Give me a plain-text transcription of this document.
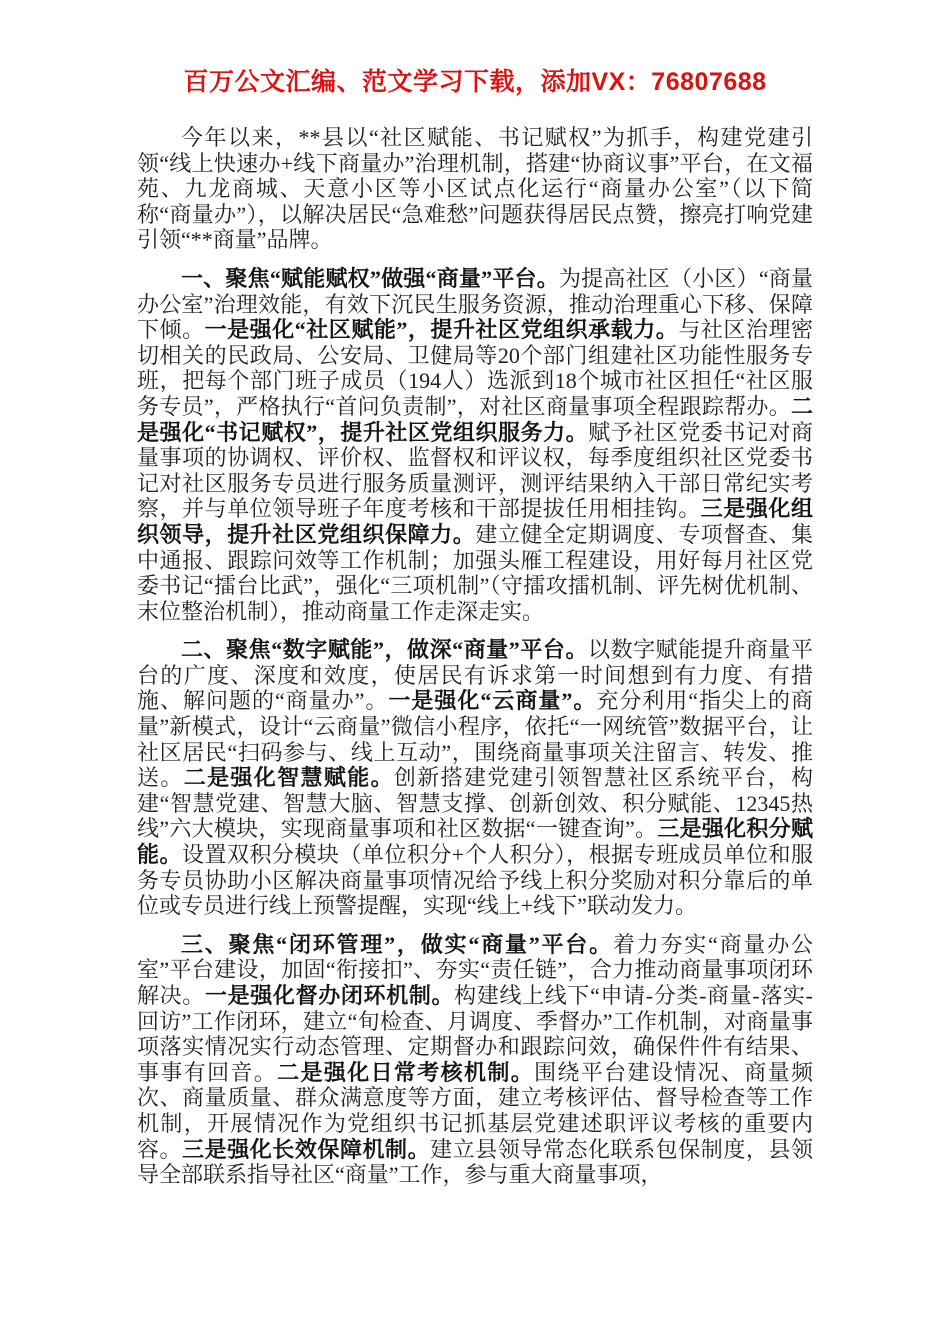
百万公文汇编、范文学习下载，添加VX：76807688

今年以来，**县以“社区赋能、书记赋权”为抓手，构建党建引领“线上快速办+线下商量办”治理机制，搭建“协商议事”平台，在文福苑、九龙商城、天意小区等小区试点化运行“商量办公室”（以下简称“商量办”），以解决居民“急难愁”问题获得居民点赞，擦亮打响党建引领“**商量”品牌。

一、聚焦“赋能赋权”做强“商量”平台。为提高社区（小区）“商量办公室”治理效能，有效下沉民生服务资源，推动治理重心下移、保障下倾。一是强化“社区赋能”，提升社区党组织承载力。与社区治理密切相关的民政局、公安局、卫健局等20个部门组建社区功能性服务专班，把每个部门班子成员（194人）选派到18个城市社区担任“社区服务专员”，严格执行“首问负责制”，对社区商量事项全程跟踪帮办。二是强化“书记赋权”，提升社区党组织服务力。赋予社区党委书记对商量事项的协调权、评价权、监督权和评议权，每季度组织社区党委书记对社区服务专员进行服务质量测评，测评结果纳入干部日常纪实考察，并与单位领导班子年度考核和干部提拔任用相挂钩。三是强化组织领导，提升社区党组织保障力。建立健全定期调度、专项督查、集中通报、跟踪问效等工作机制；加强头雁工程建设，用好每月社区党委书记“擂台比武”，强化“三项机制”（守擂攻擂机制、评先树优机制、末位整治机制），推动商量工作走深走实。

二、聚焦“数字赋能”，做深“商量”平台。以数字赋能提升商量平台的广度、深度和效度，使居民有诉求第一时间想到有力度、有措施、解问题的“商量办”。一是强化“云商量”。充分利用“指尖上的商量”新模式，设计“云商量”微信小程序，依托“一网统管”数据平台，让社区居民“扫码参与、线上互动”，围绕商量事项关注留言、转发、推送。二是强化智慧赋能。创新搭建党建引领智慧社区系统平台，构建“智慧党建、智慧大脑、智慧支撑、创新创效、积分赋能、12345热线”六大模块，实现商量事项和社区数据“一键查询”。三是强化积分赋能。设置双积分模块（单位积分+个人积分），根据专班成员单位和服务专员协助小区解决商量事项情况给予线上积分奖励对积分靠后的单位或专员进行线上预警提醒，实现“线上+线下”联动发力。

三、聚焦“闭环管理”，做实“商量”平台。着力夯实“商量办公室”平台建设，加固“衔接扣”、夯实“责任链”，合力推动商量事项闭环解决。一是强化督办闭环机制。构建线上线下“申请-分类-商量-落实-回访”工作闭环，建立“旬检查、月调度、季督办”工作机制，对商量事项落实情况实行动态管理、定期督办和跟踪问效，确保件件有结果、事事有回音。二是强化日常考核机制。围绕平台建设情况、商量频次、商量质量、群众满意度等方面，建立考核评估、督导检查等工作机制，开展情况作为党组织书记抓基层党建述职评议考核的重要内容。三是强化长效保障机制。建立县领导常态化联系包保制度，县领导全部联系指导社区“商量”工作，参与重大商量事项，
